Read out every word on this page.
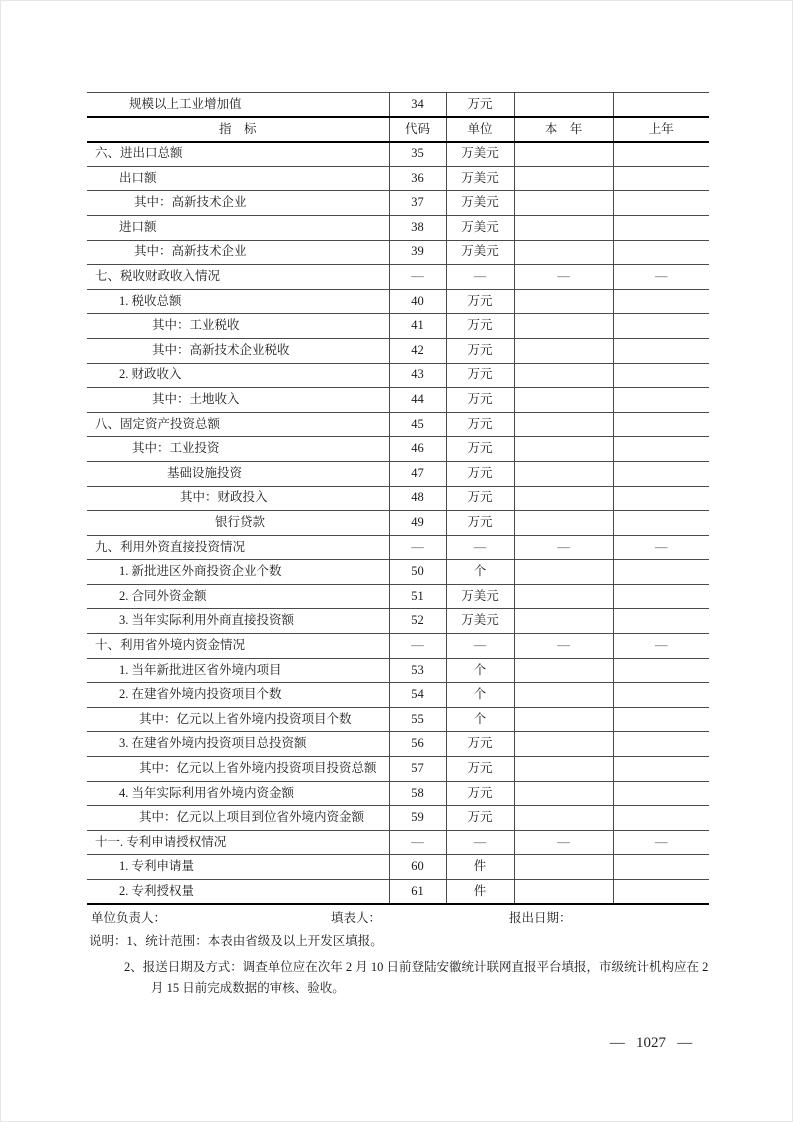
规模以上工业增加值	34	万元		
指　标	代码	单位	本　年	上年
六、进出口总额	35	万美元		
出口额	36	万美元		
其中：高新技术企业	37	万美元		
进口额	38	万美元		
其中：高新技术企业	39	万美元		
七、税收财政收入情况	—	—	—	—
1. 税收总额	40	万元		
其中：工业税收	41	万元		
其中：高新技术企业税收	42	万元		
2. 财政收入	43	万元		
其中：土地收入	44	万元		
八、固定资产投资总额	45	万元		
其中：工业投资	46	万元		
基础设施投资	47	万元		
其中：财政投入	48	万元		
银行贷款	49	万元		
九、利用外资直接投资情况	—	—	—	—
1. 新批进区外商投资企业个数	50	个		
2. 合同外资金额	51	万美元		
3. 当年实际利用外商直接投资额	52	万美元		
十、利用省外境内资金情况	—	—	—	—
1. 当年新批进区省外境内项目	53	个		
2. 在建省外境内投资项目个数	54	个		
其中：亿元以上省外境内投资项目个数	55	个		
3. 在建省外境内投资项目总投资额	56	万元		
其中：亿元以上省外境内投资项目投资总额	57	万元		
4. 当年实际利用省外境内资金额	58	万元		
其中：亿元以上项目到位省外境内资金额	59	万元		
十一. 专利申请授权情况	—	—	—	—
1. 专利申请量	60	件		
2. 专利授权量	61	件		
单位负责人：	填表人：	报出日期：
说明：1、统计范围：本表由省级及以上开发区填报。
2、报送日期及方式：调查单位应在次年 2 月 10 日前登陆安徽统计联网直报平台填报，市级统计机构应在 2
月 15 日前完成数据的审核、验收。
—   1027   —
